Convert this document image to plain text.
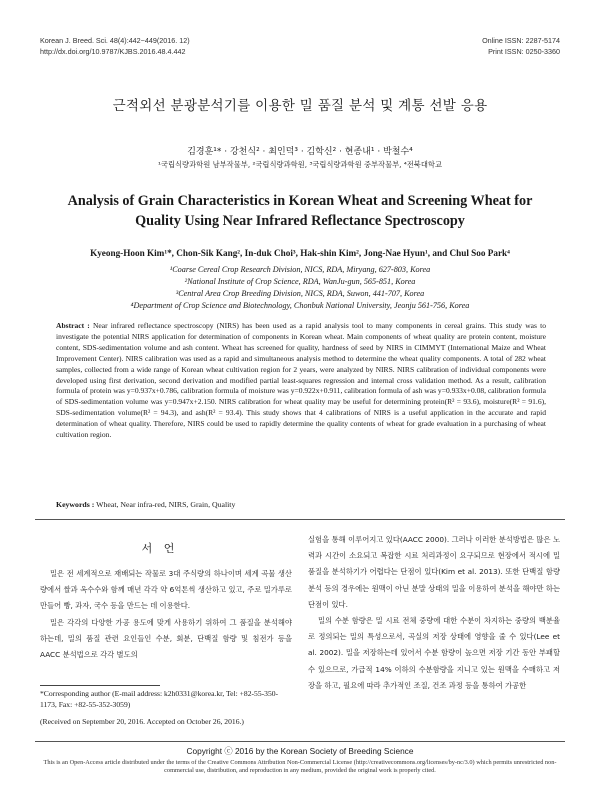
Korean J. Breed. Sci. 48(4):442~449(2016. 12)
http://dx.doi.org/10.9787/KJBS.2016.48.4.442
Online ISSN: 2287-5174
Print ISSN: 0250-3360
근적외선 분광분석기를 이용한 밀 품질 분석 및 계통 선발 응용
김경훈¹* · 강천식² · 최인덕³ · 김학신² · 현종내¹ · 박철수⁴
¹국립식량과학원 남부작물부, ²국립식량과학원, ³국립식량과학원 중부작물부, ⁴전북대학교
Analysis of Grain Characteristics in Korean Wheat and Screening Wheat for
Quality Using Near Infrared Reflectance Spectroscopy
Kyeong-Hoon Kim¹*, Chon-Sik Kang², In-duk Choi³, Hak-shin Kim², Jong-Nae Hyun¹, and Chul Soo Park⁴
¹Coarse Cereal Crop Research Division, NICS, RDA, Miryang, 627-803, Korea
²National Institute of Crop Science, RDA, WanJu-gun, 565-851, Korea
³Central Area Crop Breeding Division, NICS, RDA, Suwon, 441-707, Korea
⁴Department of Crop Science and Biotechnology, Chonbuk National University, Jeonju 561-756, Korea
Abstract : Near infrared reflectance spectroscopy (NIRS) has been used as a rapid analysis tool to many components in cereal grains. This study was to investigate the potential NIRS application for determination of components in Korean wheat. Main components of wheat quality are protein content, moisture content, SDS-sedimentation volume and ash content. Wheat has screened for quality, hardness of seed by NIRS in CIMMYT (International Maize and Wheat Improvement Center). NIRS calibration was used as a rapid and simultaneous analysis method to determine the wheat quality components. A total of 282 wheat samples, collected from a wide range of Korean wheat cultivation region for 2 years, were analyzed by NIRS. NIRS calibration of individual components were developed using first derivation, second derivation and modified partial least-squares regression and internal cross validation method. As a result, calibration formula of protein was y=0.937x+0.786, calibration formula of moisture was y=0.922x+0.911, calibration formula of ash was y=0.933x+0.08, calibration formula of SDS-sedimentation volume was y=0.947x+2.150. NIRS calibration for wheat quality may be useful for determining protein(R² = 93.6), moisture(R² = 91.6), SDS-sedimentation volume(R² = 94.3), and ash(R² = 93.4). This study shows that 4 calibrations of NIRS is a useful application in the accurate and rapid determination of wheat quality. Therefore, NIRS could be used to rapidly determine the quality contents of wheat for grade evaluation in a purchasing of wheat cultivation region.
Keywords : Wheat, Near infra-red, NIRS, Grain, Quality
서 언

밀은 전 세계적으로 재배되는 작물로 3대 주식량의 하나이며 세계 곡물 생산량에서 쌀과 옥수수와 함께 매년 각각 약 6억톤씩 생산하고 있고, 주로 밀가루로 만들어 빵, 과자, 국수 등을 만드는 데 이용한다.

밀은 각각의 다양한 가공 용도에 맞게 사용하기 위하여 그 품질을 분석해야 하는데, 밀의 품질 관련 요인들인 수분, 회분, 단백질 함량 및 침전가 등을 AACC 분석법으로 각각 별도의

*Corresponding author (E-mail address: k2h0331@korea.kr, Tel: +82-55-350-1173, Fax: +82-55-352-3059)
(Received on September 20, 2016. Accepted on October 26, 2016.)

실험을 통해 이루어지고 있다(AACC 2000). 그러나 이러한 분석방법은 많은 노력과 시간이 소요되고 복잡한 시료 처리과정이 요구되므로 현장에서 적시에 밀 품질을 분석하기가 어렵다는 단점이 있다(Kim et al. 2013). 또한 단백질 함량 분석 등의 경우에는 원맥이 아닌 분말 상태의 밀을 이용하여 분석을 해야만 하는 단점이 있다.

밀의 수분 함량은 밀 시료 전체 중량에 대한 수분이 차지하는 중량의 백분율로 정의되는 밀의 특성으로서, 곡실의 저장 상태에 영향을 줄 수 있다(Lee et al. 2002). 밀을 저장하는데 있어서 수분 함량이 높으면 저장 기간 동안 부패할 수 있으므로, 가급적 14% 이하의 수분함량을 지니고 있는 원맥을 수매하고 저장을 하고, 필요에 따라 추가적인 조질, 건조 과정 등을 통하여 가공한

Copyright ⓒ 2016 by the Korean Society of Breeding Science
This is an Open-Access article distributed under the terms of the Creative Commons Attribution Non-Commercial License (http://creativecommons.org/licenses/by-nc/3.0) which permits unrestricted non-commercial use, distribution, and reproduction in any medium, provided the original work is properly cited.
